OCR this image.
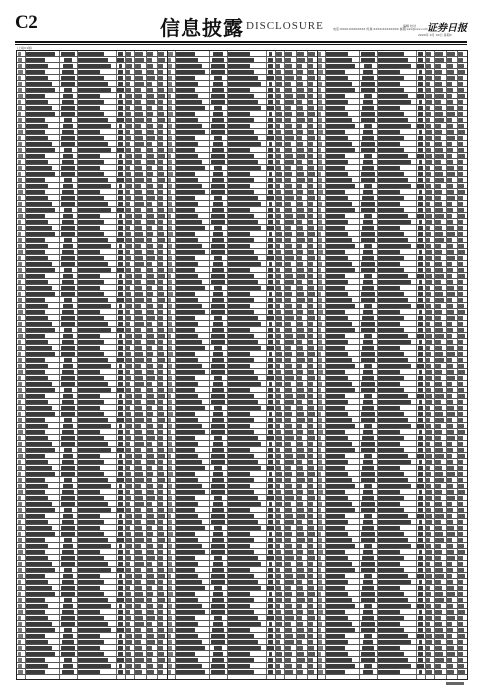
C2	信息披露 DISCLOSURE	电话:XXXX-XXXXXXXX 传真:XXXX-XXXXXXXX 邮箱:xxx@xxx.com
编辑 校对 证券日报
2024年 X月 XX日 星期X
(上接C1版)
